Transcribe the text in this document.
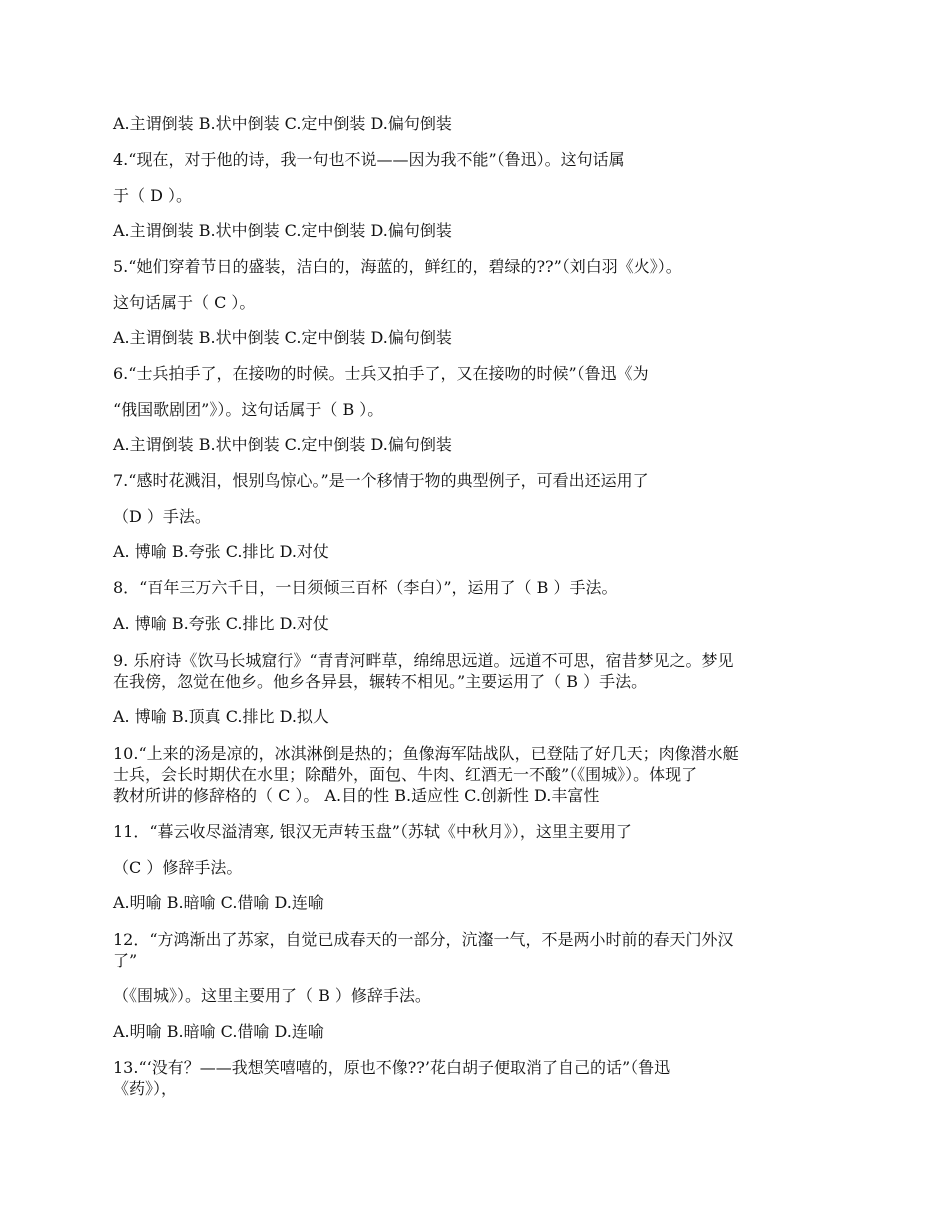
A.主谓倒装 B.状中倒装 C.定中倒装 D.偏句倒装
4.“现在，对于他的诗，我一句也不说——因为我不能”（鲁迅）。这句话属
于（ D ）。
A.主谓倒装 B.状中倒装 C.定中倒装 D.偏句倒装
5.“她们穿着节日的盛装，洁白的，海蓝的，鲜红的，碧绿的??”（刘白羽《火》）。
这句话属于（ C ）。
A.主谓倒装 B.状中倒装 C.定中倒装 D.偏句倒装
6.“士兵拍手了，在接吻的时候。士兵又拍手了，又在接吻的时候”（鲁迅《为
“俄国歌剧团”》）。这句话属于（ B ）。
A.主谓倒装 B.状中倒装 C.定中倒装 D.偏句倒装
7.“感时花溅泪，恨别鸟惊心。”是一个移情于物的典型例子，可看出还运用了
（D ）手法。
A. 博喻 B.夸张 C.排比 D.对仗
8．“百年三万六千日，一日须倾三百杯（李白）”，运用了（ B ）手法。
A. 博喻 B.夸张 C.排比 D.对仗
9. 乐府诗《饮马长城窟行》“青青河畔草，绵绵思远道。远道不可思，宿昔梦见之。梦见
在我傍，忽觉在他乡。他乡各异县，辗转不相见。”主要运用了（ B ）手法。
A. 博喻 B.顶真 C.排比 D.拟人
10.“上来的汤是凉的，冰淇淋倒是热的；鱼像海军陆战队，已登陆了好几天；肉像潜水艇
士兵，会长时期伏在水里；除醋外，面包、牛肉、红酒无一不酸”（《围城》）。体现了
教材所讲的修辞格的（ C ）。 A.目的性 B.适应性 C.创新性 D.丰富性
11．“暮云收尽溢清寒, 银汉无声转玉盘”（苏轼《中秋月》），这里主要用了
（C ）修辞手法。
A.明喻 B.暗喻 C.借喻 D.连喻
12．“方鸿渐出了苏家，自觉已成春天的一部分，沆瀣一气，不是两小时前的春天门外汉
了”
（《围城》）。这里主要用了（ B ）修辞手法。
A.明喻 B.暗喻 C.借喻 D.连喻
13.“‘没有？——我想笑嘻嘻的，原也不像??’花白胡子便取消了自己的话”（鲁迅
《药》），
